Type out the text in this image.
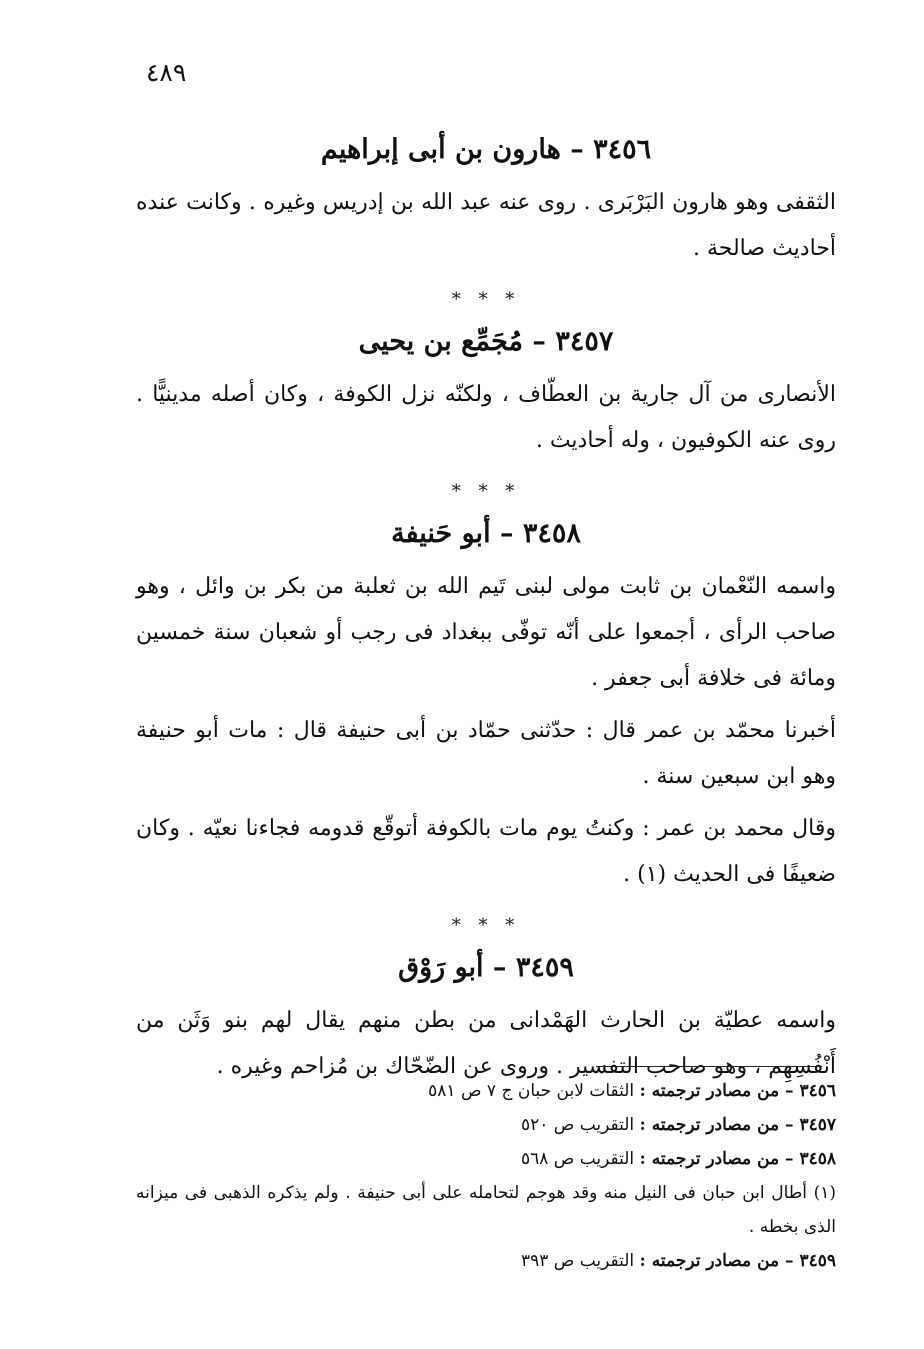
٤٨٩
٣٤٥٦ – هارون بن أبى إبراهيم

الثقفى وهو هارون البَرْبَرى . روى عنه عبد الله بن إدريس وغيره . وكانت عنده أحاديث صالحة .

* * *
٣٤٥٧ – مُجَمِّع بن يحيى

الأنصارى من آل جارية بن العطّاف ، ولكنّه نزل الكوفة ، وكان أصله مدينيًّا . روى عنه الكوفيون ، وله أحاديث .

* * *
٣٤٥٨ – أبو حَنيفة

واسمه النّعْمان بن ثابت مولى لبنى تَيم الله بن ثعلبة من بكر بن وائل ، وهو صاحب الرأى ، أجمعوا على أنّه توفّى ببغداد فى رجب أو شعبان سنة خمسين ومائة فى خلافة أبى جعفر .

أخبرنا محمّد بن عمر قال : حدّثنى حمّاد بن أبى حنيفة قال : مات أبو حنيفة وهو ابن سبعين سنة .

وقال محمد بن عمر : وكنتُ يوم مات بالكوفة أتوقّع قدومه فجاءنا نعيّه . وكان ضعيفًا فى الحديث (١) .

* * *
٣٤٥٩ – أبو رَوْق

واسمه عطيّة بن الحارث الهَمْدانى من بطن منهم يقال لهم بنو وَثَن من أَنْفُسِهِم ، وهو صاحب التفسير . وروى عن الضّحّاك بن مُزاحم وغيره .

٣٤٥٦ – من مصادر ترجمته : الثقات لابن حبان ج ٧ ص ٥٨١

٣٤٥٧ – من مصادر ترجمته : التقريب ص ٥٢٠

٣٤٥٨ – من مصادر ترجمته : التقريب ص ٥٦٨

(١) أطال ابن حبان فى النيل منه وقد هوجم لتحامله على أبى حنيفة . ولم يذكره الذهبى فى ميزانه الذى بخطه .

٣٤٥٩ – من مصادر ترجمته : التقريب ص ٣٩٣
